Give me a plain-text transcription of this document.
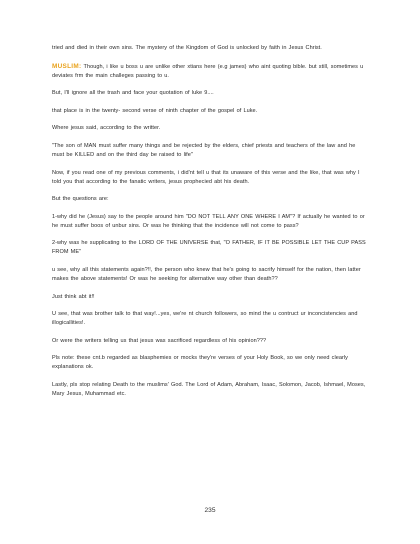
tried and died in their own sins. The mystery of the Kingdom of God is unlocked by faith in Jesus Christ.

MUSLIM: Though, i like u boss u are unlike other xtians here (e.g james) who aint quoting bible. but still, sometimes u deviates frm the main challeges passing to u.

But, I'll ignore all the trash and face your quotation of luke 9....

that place is in the twenty- second verse of ninth chapter of the gospel of Luke.

Where jesus said, according to the writter.

"The son of MAN must suffer many things and be rejected by the elders, chief priests and teachers of the law and he must be KILLED and on the third day be raised to life"

Now, if you read one of my previous comments, i did'nt tell u that its unaware of this verse and the like, that was why I told you that according to the fanatic writers, jesus prophecied abt his death.

But the questions are:

1-why did he (Jesus) say to the people around him "DO NOT TELL ANY ONE WHERE I AM"? If actually he wanted to or he must suffer boos of unbur sins. Or was he thinking that the incidence will not come to pass?

2-why was he supplicating to the LORD OF THE UNIVERSE that, "O FATHER, IF IT BE POSSIBLE LET THE CUP PASS FROM ME"

u see, why all this statements again?!!, the person who knew that he's going to sacrify himself for the nation, then latter makes the above statements! Or was he seeking for alternative way other than death??

Just think abt it!!

U see, that was brother talk to that way!...yes, we're nt church followers, so mind the u contruct ur inconcistencies and illogicallities!.

Or were the writers telling us that jesus was sacrificed regardless of his opinion???

Pls note: these cnt.b regarded as blasphemies or mocks they're verses of your Holy Book, so we only need clearly explanations ok.

Lastly, pls stop relating Death to the muslims' God. The Lord of Adam, Abraham, Isaac, Solomon, Jacob, Ishmael, Moses, Mary Jesus, Muhammad etc.

235
